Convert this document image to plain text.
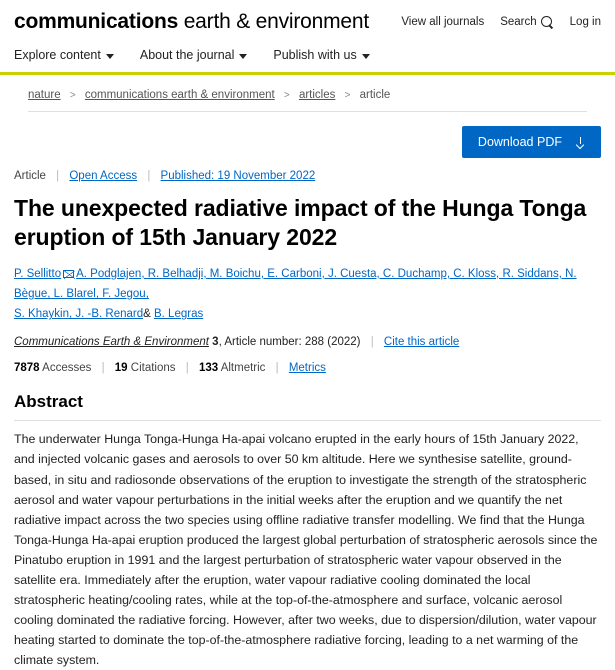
communications earth & environment	View all journals Search	Log in
Explore content	About the journal	Publish with us
nature > communications earth & environment > articles > article
Download PDF
Article | Open Access | Published: 19 November 2022
The unexpected radiative impact of the Hunga Tonga eruption of 15th January 2022
P. Sellitto A. Podglajen, R. Belhadji, M. Boichu, E. Carboni, J. Cuesta, C. Duchamp, C. Kloss, R. Siddans, N. Bègue, L. Blarel, F. Jegou,
S. Khaykin, J. -B. Renard& B. Legras
Communications Earth & Environment 3, Article number: 288 (2022) | Cite this article
7878 Accesses | 19 Citations | 133 Altmetric | Metrics
Abstract

The underwater Hunga Tonga-Hunga Ha-apai volcano erupted in the early hours of 15th January 2022, and injected volcanic gases and aerosols to over 50 km altitude. Here we synthesise satellite, ground-based, in situ and radiosonde observations of the eruption to investigate the strength of the stratospheric aerosol and water vapour perturbations in the initial weeks after the eruption and we quantify the net radiative impact across the two species using offline radiative transfer modelling. We find that the Hunga Tonga-Hunga Ha-apai eruption produced the largest global perturbation of stratospheric aerosols since the Pinatubo eruption in 1991 and the largest perturbation of stratospheric water vapour observed in the satellite era. Immediately after the eruption, water vapour radiative cooling dominated the local stratospheric heating/cooling rates, while at the top-of-the-atmosphere and surface, volcanic aerosol cooling dominated the radiative forcing. However, after two weeks, due to dispersion/dilution, water vapour heating started to dominate the top-of-the-atmosphere radiative forcing, leading to a net warming of the climate system.
